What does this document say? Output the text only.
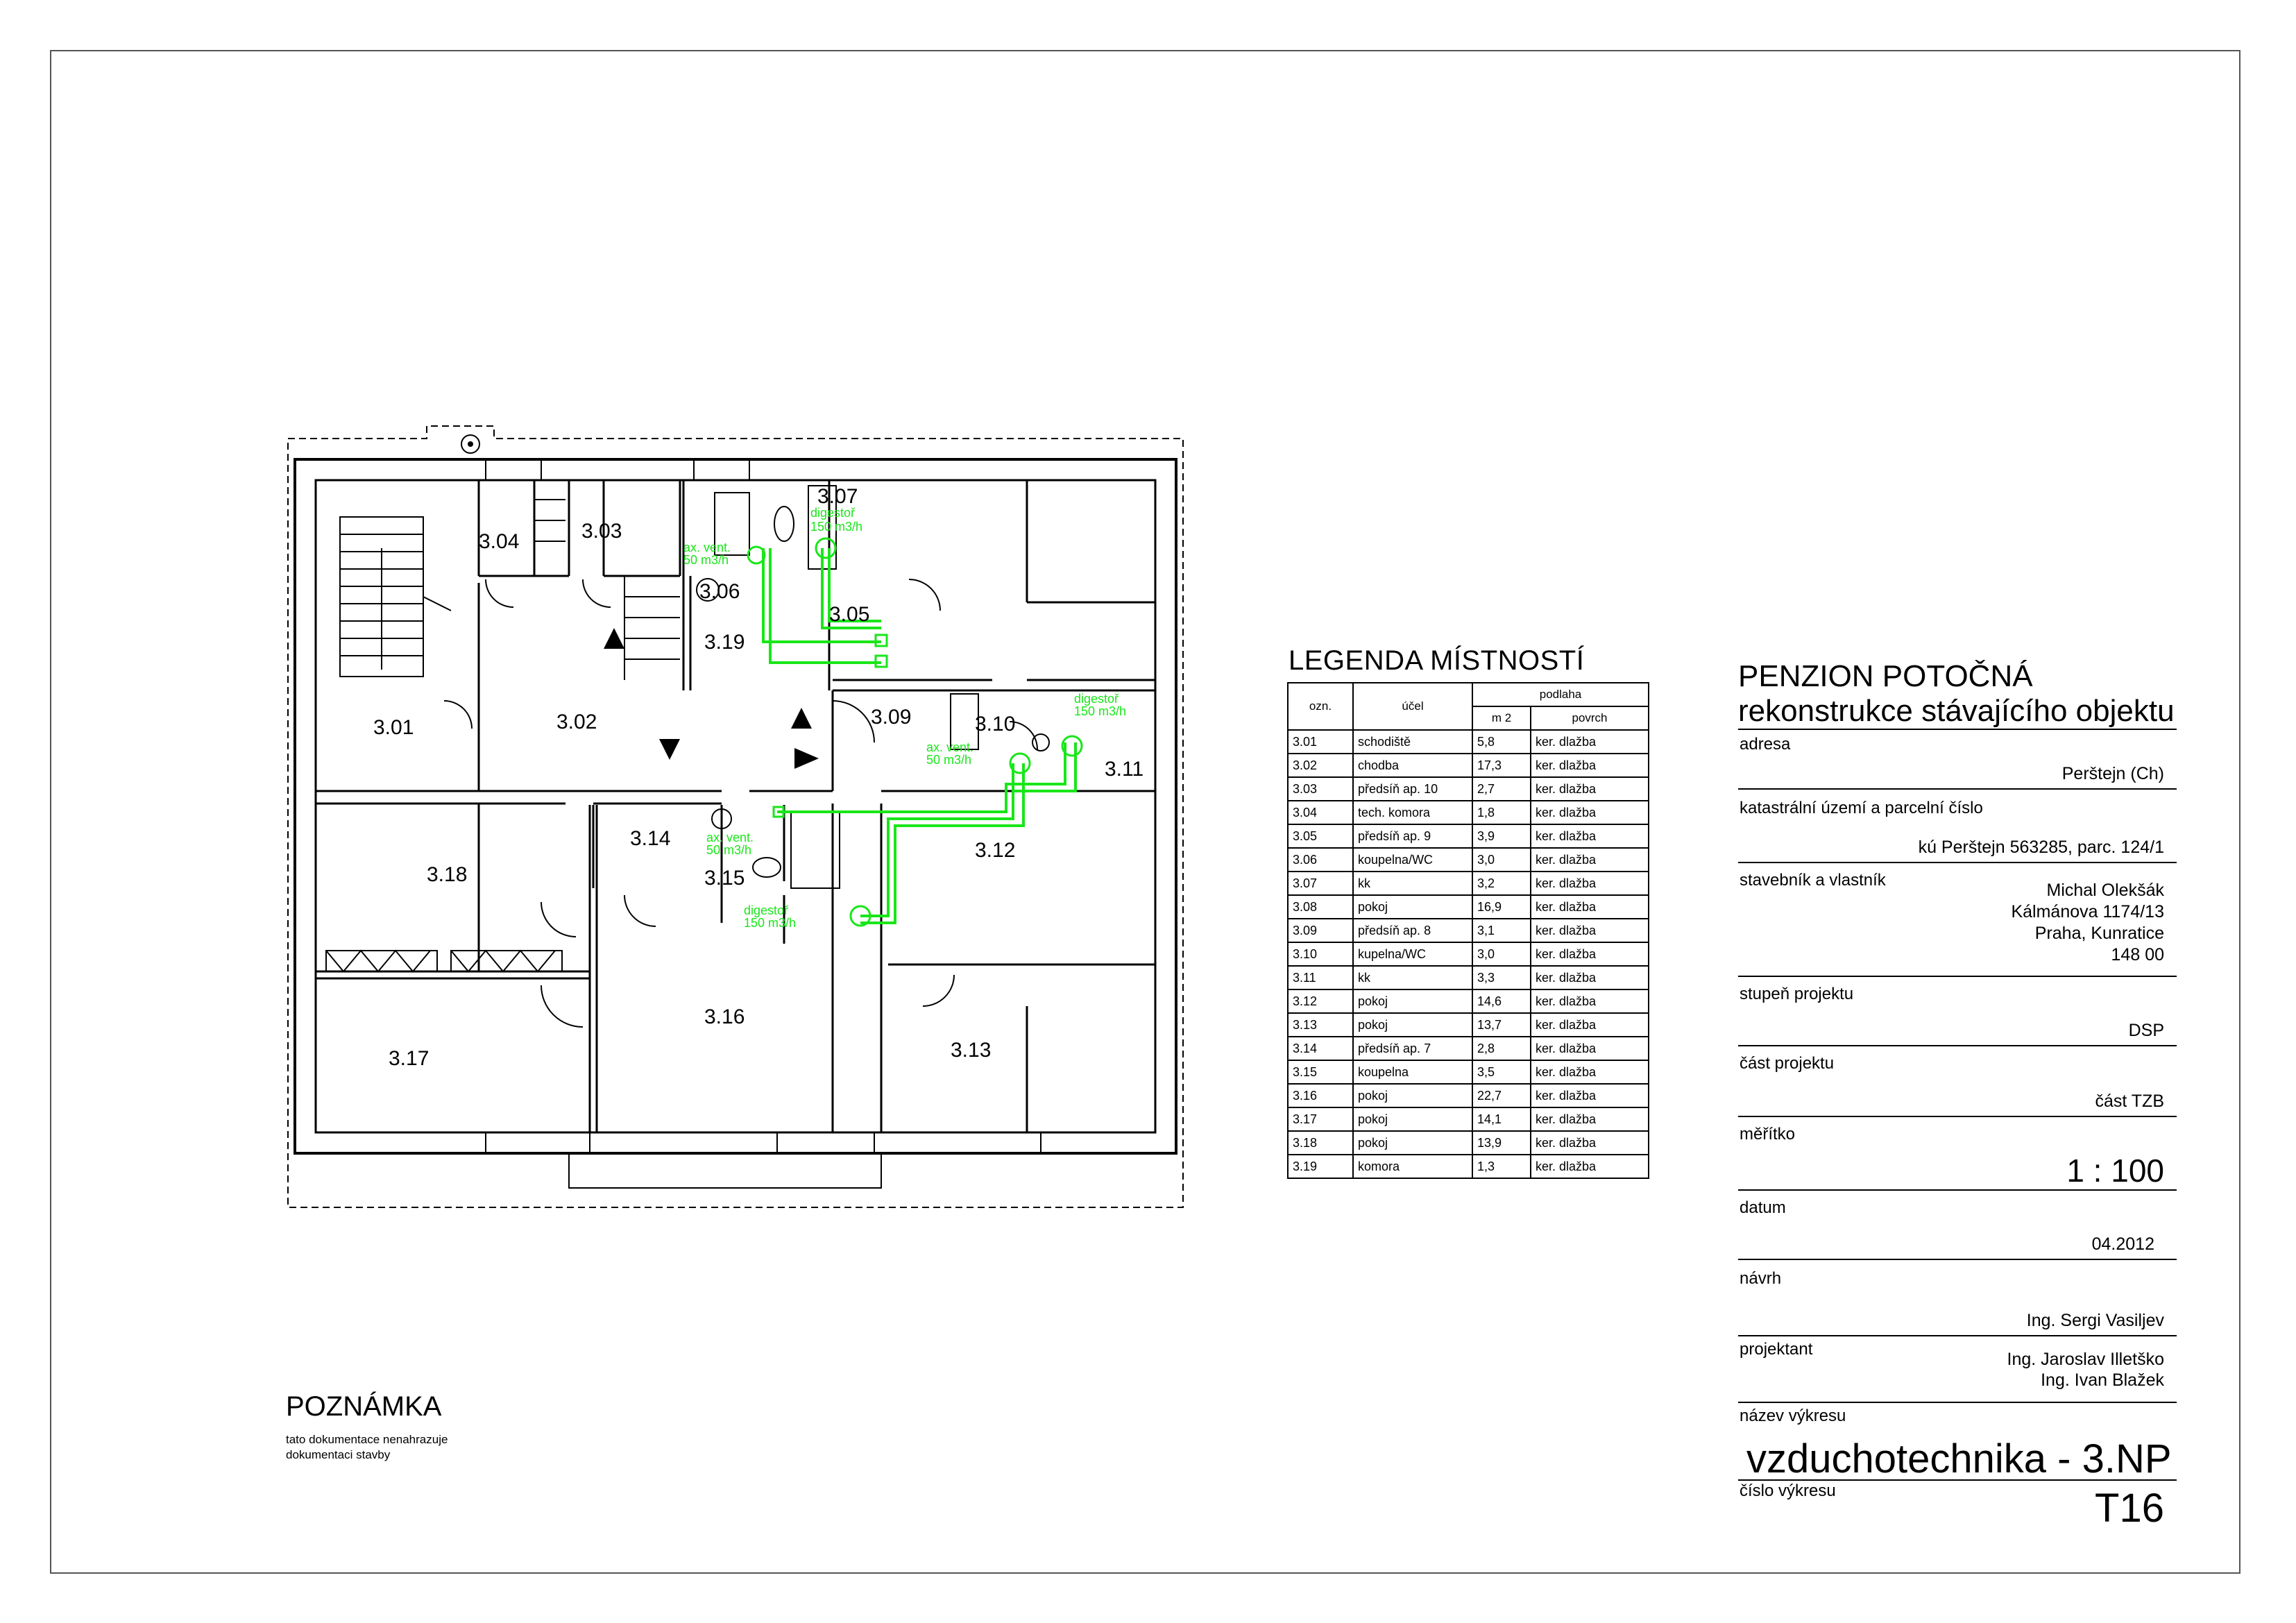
digestoř
150 m3/h
ax. vent.
50 m3/h
ax. vent.
50 m3/h
digestoř
150 m3/h
ax. vent.
50 m3/h
digestoř
150 m3/h
3.01	3.02
3.03
3.04
3.05
3.06
3.07
3.09	3.10
3.11
3.12
3.13
3.14
3.15
3.16
3.17
3.18
3.19
LEGENDA MÍSTNOSTÍ
ozn.	účel	podlaha	
		m 2	povrch
3.01	schodiště	5,8	ker. dlažba
3.02	chodba	17,3	ker. dlažba
3.03	předsíň ap. 10	2,7	ker. dlažba
3.04	tech. komora	1,8	ker. dlažba
3.05	předsíň ap. 9	3,9	ker. dlažba
3.06	koupelna/WC	3,0	ker. dlažba
3.07	kk	3,2	ker. dlažba
3.08	pokoj	16,9	ker. dlažba
3.09	předsíň ap. 8	3,1	ker. dlažba
3.10	kupelna/WC	3,0	ker. dlažba
3.11	kk	3,3	ker. dlažba
3.12	pokoj	14,6	ker. dlažba
3.13	pokoj	13,7	ker. dlažba
3.14	předsíň ap. 7	2,8	ker. dlažba
3.15	koupelna	3,5	ker. dlažba
3.16	pokoj	22,7	ker. dlažba
3.17	pokoj	14,1	ker. dlažba
3.18	pokoj	13,9	ker. dlažba
3.19	komora	1,3	ker. dlažba
PENZION POTOČNÁ
rekonstrukce stávajícího objektu
adresa
Perštejn (Ch)
katastrální území a parcelní číslo
kú Perštejn 563285, parc. 124/1
stavebník a vlastník
Michal Olekšák
Kálmánova 1174/13
Praha, Kunratice
148 00
stupeň projektu
DSP
část projektu
část TZB
měřítko
1 : 100
datum
04.2012
návrh
Ing. Sergi Vasiljev
projektant
Ing. Jaroslav Illetško
Ing. Ivan Blažek
název výkresu
vzduchotechnika - 3.NP
číslo výkresu	T16
POZNÁMKA
tato dokumentace nenahrazuje
dokumentaci stavby
